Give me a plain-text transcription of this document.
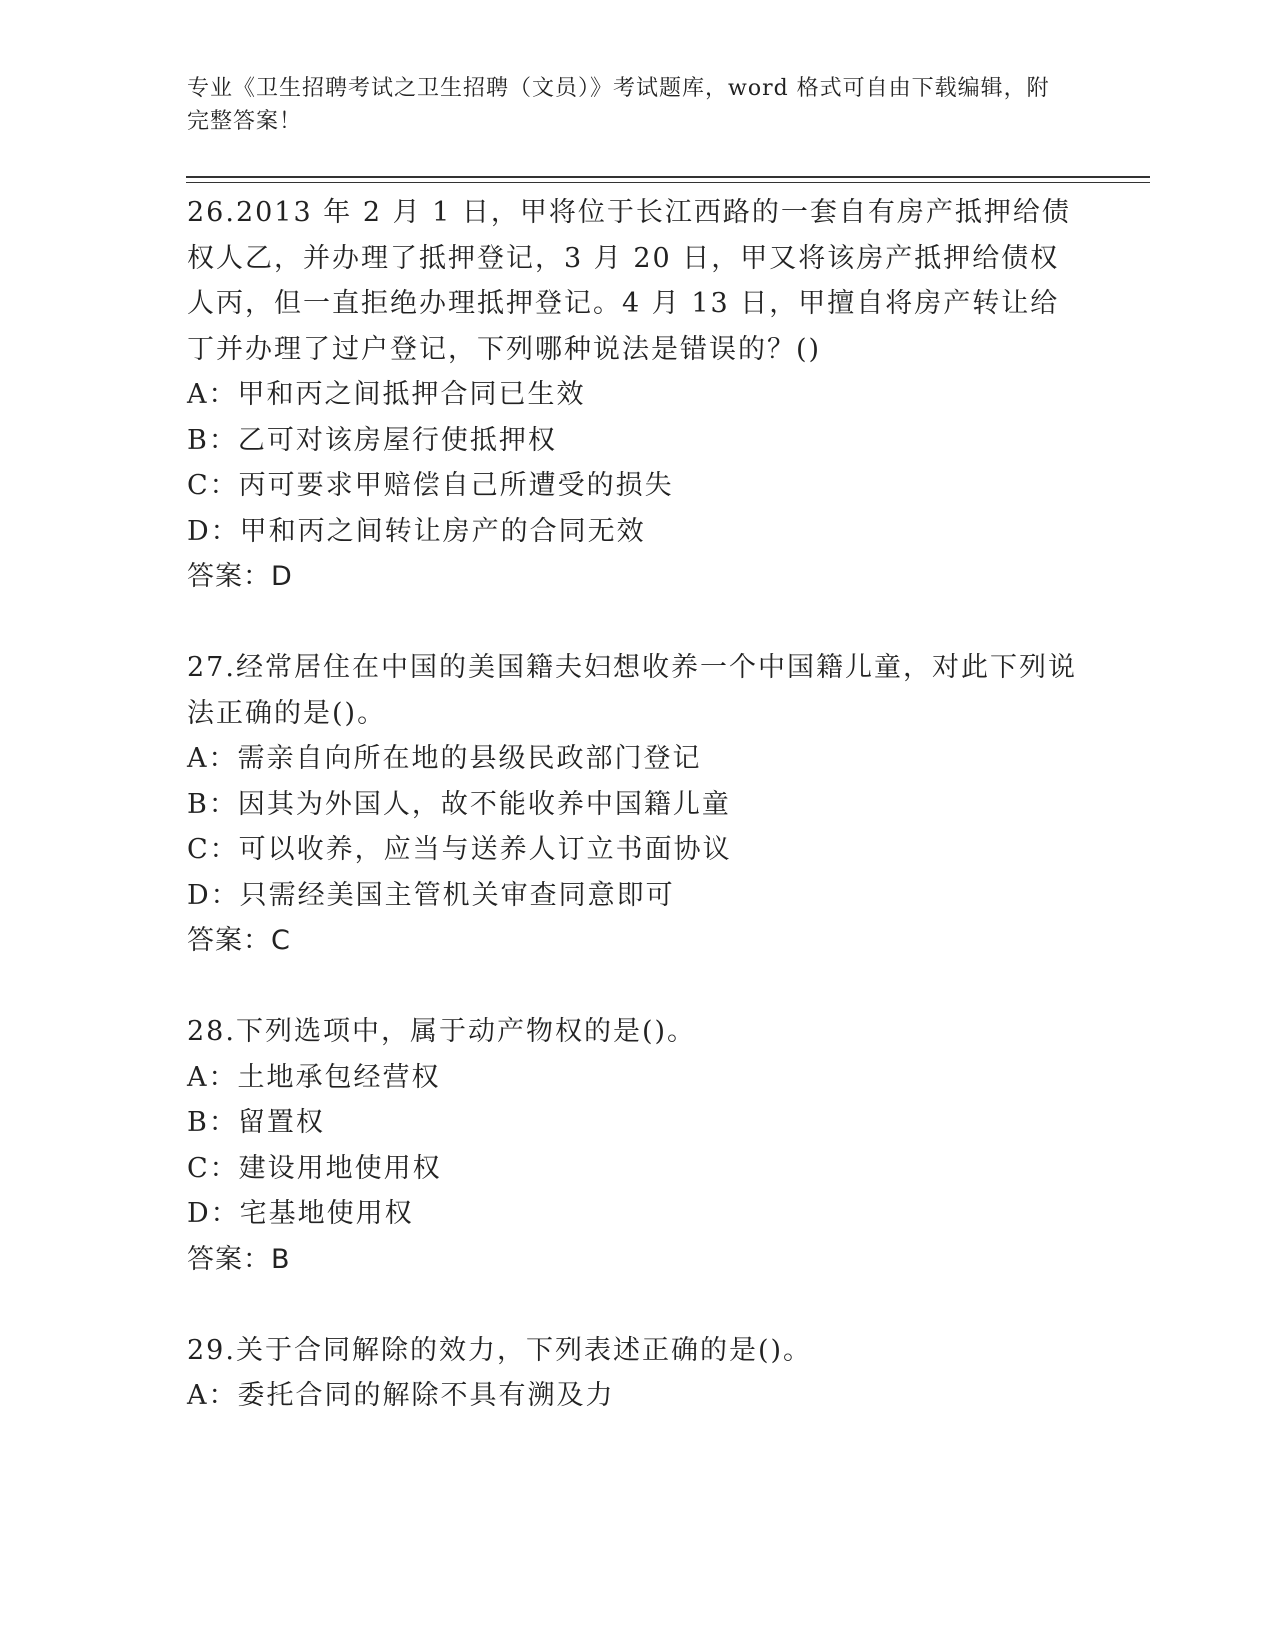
专业《卫生招聘考试之卫生招聘（文员）》考试题库，word 格式可自由下载编辑，附完整答案！
26.2013 年 2 月 1 日，甲将位于长江西路的一套自有房产抵押给债权人乙，并办理了抵押登记，3 月 20 日，甲又将该房产抵押给债权人丙，但一直拒绝办理抵押登记。4 月 13 日，甲擅自将房产转让给丁并办理了过户登记，下列哪种说法是错误的？()
A：甲和丙之间抵押合同已生效
B：乙可对该房屋行使抵押权
C：丙可要求甲赔偿自己所遭受的损失
D：甲和丙之间转让房产的合同无效
答案：D
27.经常居住在中国的美国籍夫妇想收养一个中国籍儿童，对此下列说法正确的是()。
A：需亲自向所在地的县级民政部门登记
B：因其为外国人，故不能收养中国籍儿童
C：可以收养，应当与送养人订立书面协议
D：只需经美国主管机关审查同意即可
答案：C
28.下列选项中，属于动产物权的是()。
A：土地承包经营权
B：留置权
C：建设用地使用权
D：宅基地使用权
答案：B
29.关于合同解除的效力，下列表述正确的是()。
A：委托合同的解除不具有溯及力
